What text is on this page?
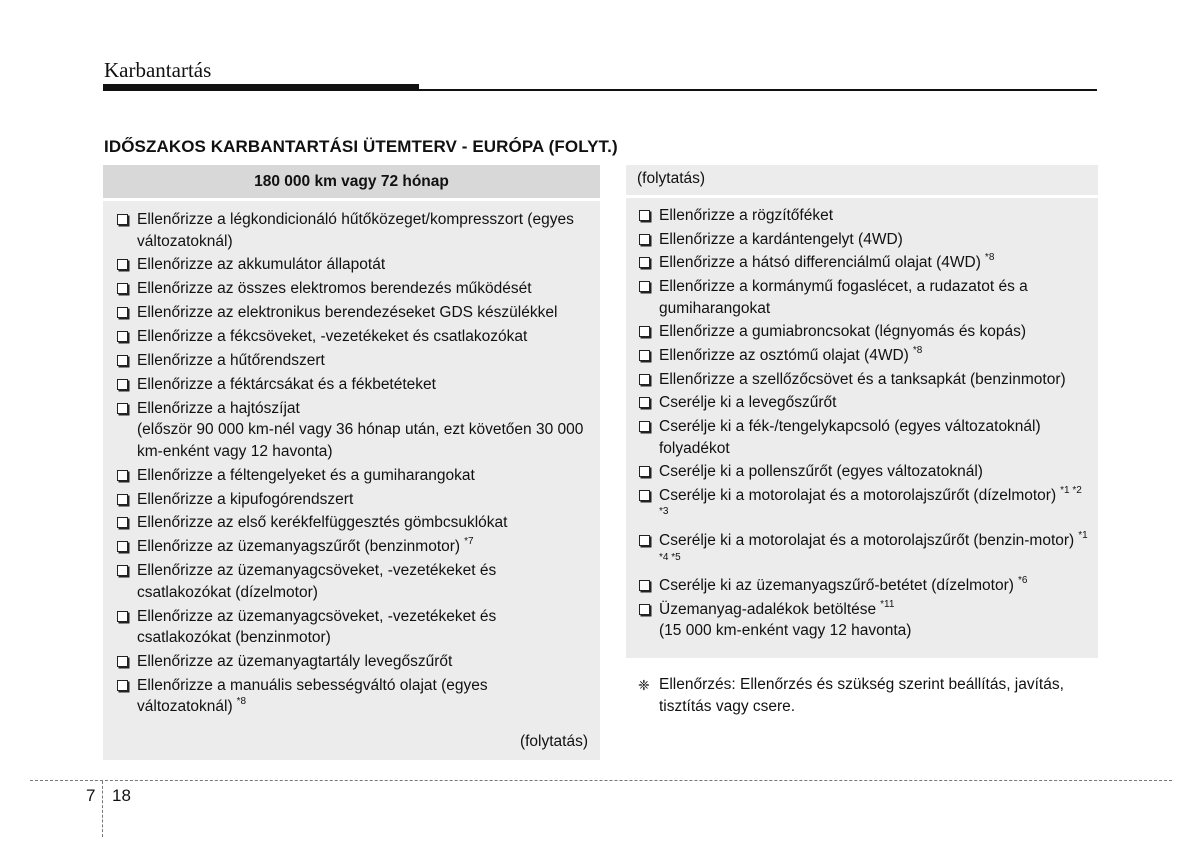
Karbantartás
IDŐSZAKOS KARBANTARTÁSI ÜTEMTERV - EURÓPA (FOLYT.)
180 000 km vagy 72 hónap
Ellenőrizze a légkondicionáló hűtőközeget/kompresszort (egyes változatoknál)
Ellenőrizze az akkumulátor állapotát
Ellenőrizze az összes elektromos berendezés működését
Ellenőrizze az elektronikus berendezéseket GDS készülékkel
Ellenőrizze a fékcsöveket, -vezetékeket és csatlakozókat
Ellenőrizze a hűtőrendszert
Ellenőrizze a féktárcsákat és a fékbetéteket
Ellenőrizze a hajtószíjat
(először 90 000 km-nél vagy 36 hónap után, ezt követően 30 000 km-enként vagy 12 havonta)
Ellenőrizze a féltengelyeket és a gumiharangokat
Ellenőrizze a kipufogórendszert
Ellenőrizze az első kerékfelfüggesztés gömbcsuklókat
Ellenőrizze az üzemanyagszűrőt (benzinmotor) $^{*7}$
Ellenőrizze az üzemanyagcsöveket, -vezetékeket és csatlakozókat (dízelmotor)
Ellenőrizze az üzemanyagcsöveket, -vezetékeket és csatlakozókat (benzinmotor)
Ellenőrizze az üzemanyagtartály levegőszűrőt
Ellenőrizze a manuális sebességváltó olajat (egyes változatoknál) $^{*8}$
(folytatás)
(folytatás)
Ellenőrizze a rögzítőféket
Ellenőrizze a kardántengelyt (4WD)
Ellenőrizze a hátsó differenciálmű olajat (4WD) $^{*8}$
Ellenőrizze a kormánymű fogaslécet, a rudazatot és a gumiharangokat
Ellenőrizze a gumiabroncsokat (légnyomás és kopás)
Ellenőrizze az osztómű olajat (4WD) $^{*8}$
Ellenőrizze a szellőzőcsövet és a tanksapkát (benzinmotor)
Cserélje ki a levegőszűrőt
Cserélje ki a fék-/tengelykapcsoló (egyes változatoknál) folyadékot
Cserélje ki a pollenszűrőt (egyes változatoknál)
Cserélje ki a motorolajat és a motorolajszűrőt (dízelmotor) $^{*1 *2 *3}$
Cserélje ki a motorolajat és a motorolajszűrőt (benzin-motor) $^{*1 *4 *5}$
Cserélje ki az üzemanyagszűrő-betétet (dízelmotor) $^{*6}$
Üzemanyag-adalékok betöltése $^{*11}$
(15 000 km-enként vagy 12 havonta)
❈ Ellenőrzés: Ellenőrzés és szükség szerint beállítás, javítás, tisztítás vagy csere.
7 18
